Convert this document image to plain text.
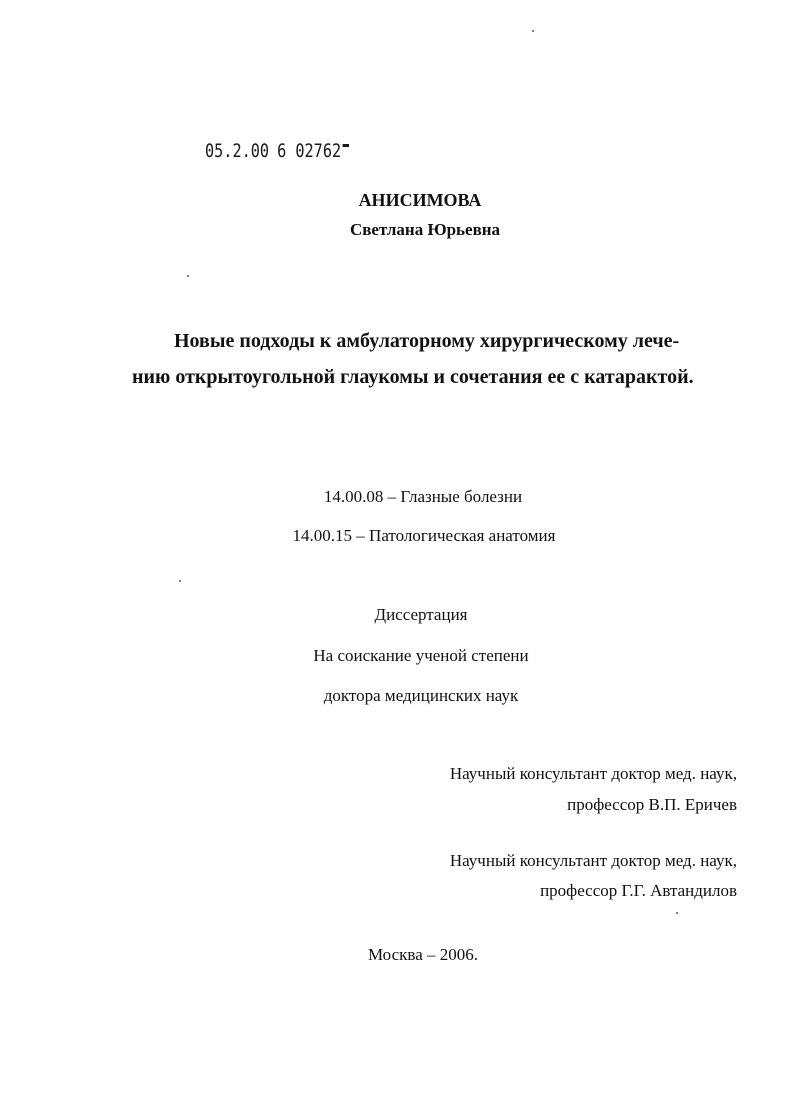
05.2.00 6 02762
АНИСИМОВА
Светлана Юрьевна
Новые подходы к амбулаторному хирургическому лече-
нию открытоугольной глаукомы и сочетания ее с катарактой.
14.00.08 – Глазные болезни
14.00.15 – Патологическая анатомия
Диссертация
На соискание ученой степени
доктора медицинских наук
Научный консультант доктор мед. наук,
профессор В.П. Еричев
Научный консультант доктор мед. наук,
профессор Г.Г. Автандилов
Москва – 2006.
